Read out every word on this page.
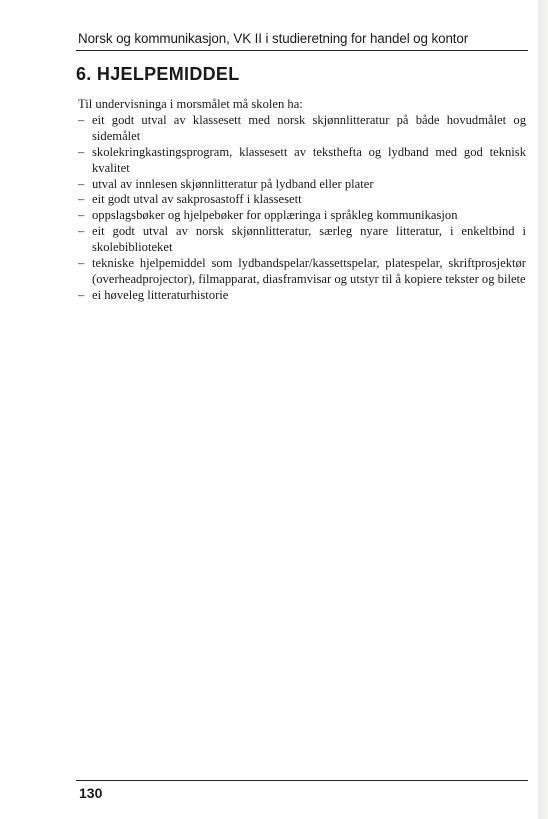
Norsk og kommunikasjon, VK II i studieretning for handel og kontor
6. HJELPEMIDDEL

Til undervisninga i morsmålet må skolen ha:

– eit godt utval av klassesett med norsk skjønnlitteratur på både hovudmålet og sidemålet
– skolekringkastingsprogram, klassesett av teksthefta og lydband med god teknisk kvalitet
– utval av innlesen skjønnlitteratur på lydband eller plater
– eit godt utval av sakprosastoff i klassesett
– oppslagsbøker og hjelpebøker for opplæringa i språkleg kommunikasjon
– eit godt utval av norsk skjønnlitteratur, særleg nyare litteratur, i enkeltbind i skolebiblioteket
– tekniske hjelpemiddel som lydbandspelar/kassettspelar, platespelar, skriftprosjektør (overheadprojector), filmapparat, diasframvisar og utstyr til å kopiere tekster og bilete
– ei høveleg litteraturhistorie
130
